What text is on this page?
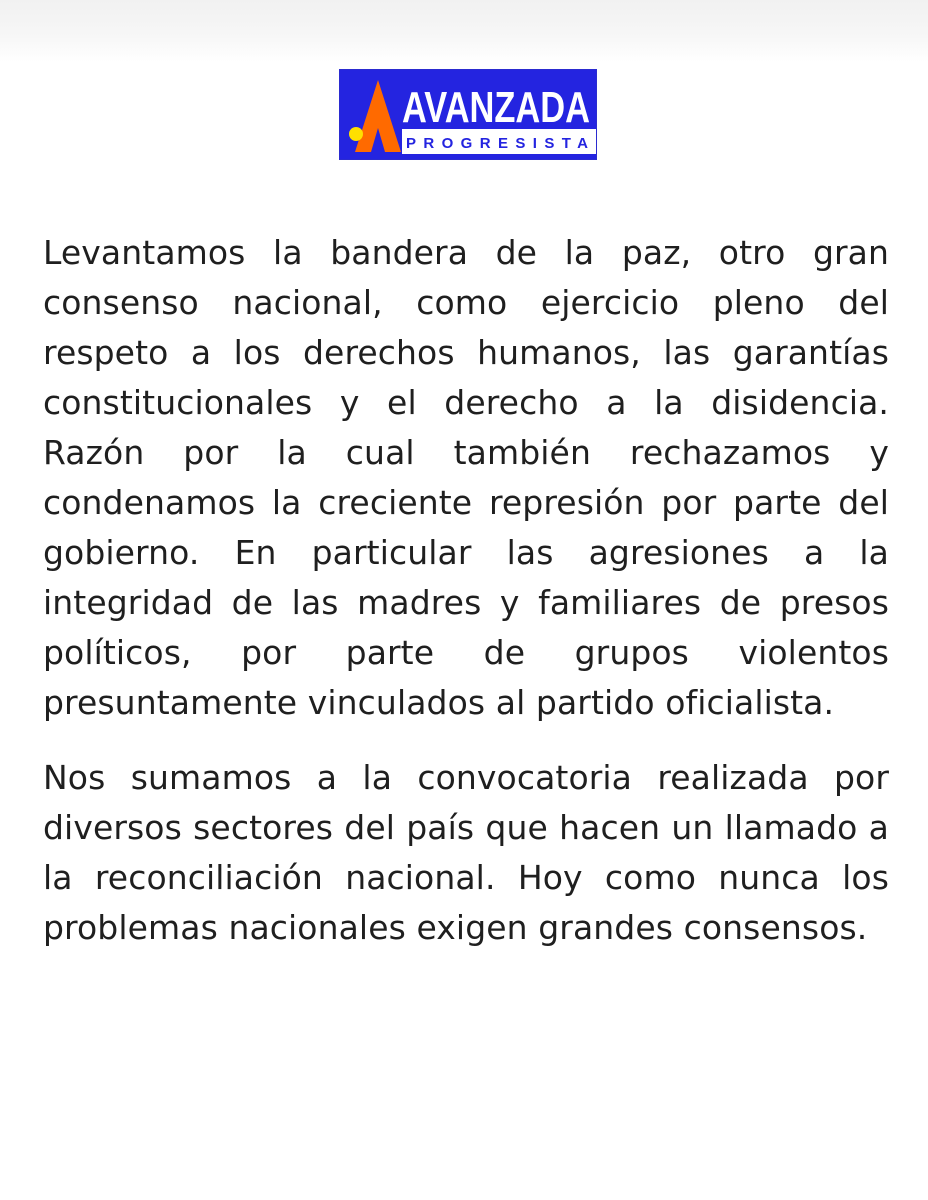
AVANZADA
PROGRESISTA

Levantamos la bandera de la paz, otro gran consenso nacional, como ejercicio pleno del respeto a los derechos humanos, las garantías constitucionales y el derecho a la disidencia. Razón por la cual también rechazamos y condenamos la creciente represión por parte del gobierno. En particular las agresiones a la integridad de las madres y familiares de presos políticos, por parte de grupos violentos presuntamente vinculados al partido oficialista.

Nos sumamos a la convocatoria realizada por diversos sectores del país que hacen un llamado a la reconciliación nacional. Hoy como nunca los problemas nacionales exigen grandes consensos.
